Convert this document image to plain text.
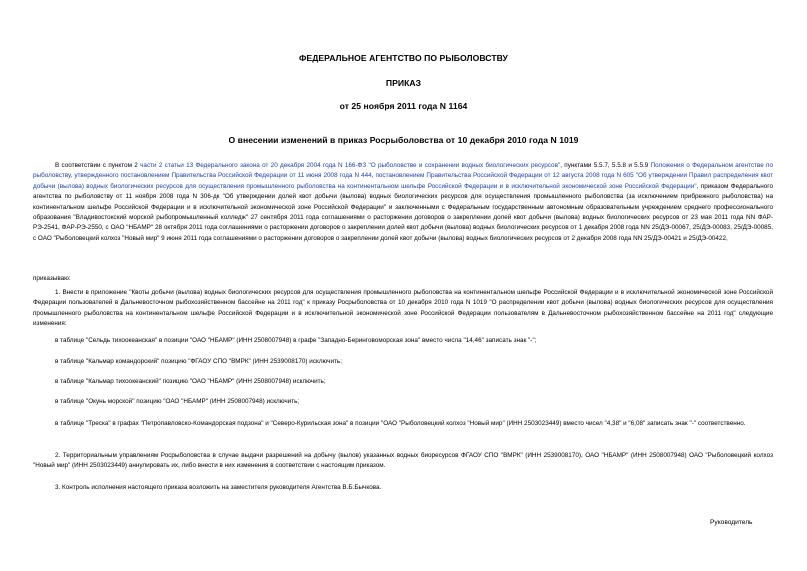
ФЕДЕРАЛЬНОЕ АГЕНТСТВО ПО РЫБОЛОВСТВУ
ПРИКАЗ
от 25 ноября 2011 года N 1164
О внесении изменений в приказ Росрыболовства от 10 декабря 2010 года N 1019
В соответствии с пунктом 2 части 2 статьи 13 Федерального закона от 20 декабря 2004 года N 166-ФЗ "О рыболовстве и сохранении водных биологических ресурсов", пунктами 5.5.7, 5.5.8 и 5.5.9 Положения о Федеральном агентстве по рыболовству, утвержденного постановлением Правительства Российской Федерации от 11 июня 2008 года N 444, постановлением Правительства Российской Федерации от 12 августа 2008 года N 605 "Об утверждении Правил распределения квот добычи (вылова) водных биологических ресурсов для осуществления промышленного рыболовства на континентальном шельфе Российской Федерации и в исключительной экономической зоне Российской Федерации", приказом Федерального агентства по рыболовству от 11 ноября 2008 года N 306-дк "Об утверждении долей квот добычи (вылова) водных биологических ресурсов для осуществления промышленного рыболовства (за исключением прибрежного рыболовства) на континентальном шельфе Российской Федерации и в исключительной экономической зоне Российской Федерации" и заключенными с Федеральным государственным автономным образовательным учреждением среднего профессионального образования "Владивостокский морской рыбопромышленный колледж" 27 сентября 2011 года соглашениями о расторжении договоров о закреплении долей квот добычи (вылова) водных биологических ресурсов от 23 мая 2011 года NN ФАР-РЭ-2541, ФАР-РЭ-2550, с ОАО "НБАМР" 28 октября 2011 года соглашениями о расторжении договоров о закреплении долей квот добычи (вылова) водных биологических ресурсов от 1 декабря 2008 года NN 25/ДЭ-00067, 25/ДЭ-00083, 25/ДЭ-00085, с ОАО "Рыболовецкий колхоз "Новый мир" 9 июня 2011 года соглашениями о расторжении договоров о закреплении долей квот добычи (вылова) водных биологических ресурсов от 2 декабря 2008 года NN 25/ДЭ-00421 и 25/ДЭ-00422,
приказываю:
1. Внести в приложение "Квоты добычи (вылова) водных биологических ресурсов для осуществления промышленного рыболовства на континентальном шельфе Российской Федерации и в исключительной экономической зоне Российской Федерации пользователей в Дальневосточном рыбохозяйственном бассейне на 2011 год" к приказу Росрыболовства от 10 декабря 2010 года N 1019 "О распределении квот добычи (вылова) водных биологических ресурсов для осуществления промышленного рыболовства на континентальном шельфе Российской Федерации и в исключительной экономической зоне Российской Федерации пользователям в Дальневосточном рыбохозяйственном бассейне на 2011 год" следующие изменения:
в таблице "Сельдь тихоокеанская" в позиции "ОАО "НБАМР" (ИНН 2508007948) в графе "Западно-Беринговоморская зона" вместо числа "14,46" записать знак "-";
в таблице "Кальмар командорский" позицию "ФГАОУ СПО "ВМРК" (ИНН 2539008170) исключить;
в таблице "Кальмар тихоокеанский" позицию "ОАО "НБАМР" (ИНН 2508007948) исключить;
в таблице "Окунь морской" позицию "ОАО "НБАМР" (ИНН 2508007948) исключить;
в таблице "Треска" в графах "Петропавловско-Командорская подзона" и "Северо-Курильская зона" в позиции "ОАО "Рыболовецкий колхоз "Новый мир" (ИНН 2503023449) вместо чисел "4,38" и "6,08" записать знак "-" соответственно.
2. Территориальным управлениям Росрыболовства в случае выдачи разрешений на добычу (вылов) указанных водных биоресурсов ФГАОУ СПО "ВМРК" (ИНН 2539008170), ОАО "НБАМР" (ИНН 2508007948) ОАО "Рыболовецкий колхоз "Новый мир" (ИНН 2503023449) аннулировать их, либо внести в них изменения в соответствии с настоящим приказом.
3. Контроль исполнения настоящего приказа возложить на заместителя руководителя Агентства В.Б.Бычкова.
Руководитель
